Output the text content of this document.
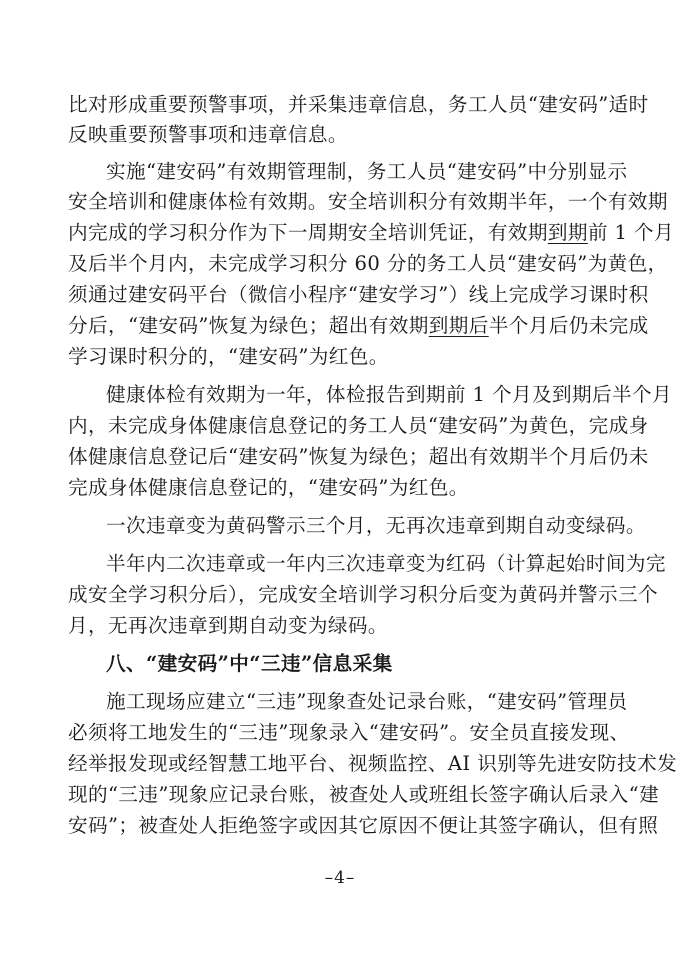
比对形成重要预警事项，并采集违章信息，务工人员“建安码”适时
反映重要预警事项和违章信息。
实施“建安码”有效期管理制，务工人员“建安码”中分别显示
安全培训和健康体检有效期。安全培训积分有效期半年，一个有效期
内完成的学习积分作为下一周期安全培训凭证，有效期到期前 1 个月
及后半个月内，未完成学习积分 60 分的务工人员“建安码”为黄色，
须通过建安码平台（微信小程序“建安学习”）线上完成学习课时积
分后，“建安码”恢复为绿色；超出有效期到期后半个月后仍未完成
学习课时积分的，“建安码”为红色。
健康体检有效期为一年，体检报告到期前 1 个月及到期后半个月
内，未完成身体健康信息登记的务工人员“建安码”为黄色，完成身
体健康信息登记后“建安码”恢复为绿色；超出有效期半个月后仍未
完成身体健康信息登记的，“建安码”为红色。
一次违章变为黄码警示三个月，无再次违章到期自动变绿码。
半年内二次违章或一年内三次违章变为红码（计算起始时间为完
成安全学习积分后），完成安全培训学习积分后变为黄码并警示三个
月，无再次违章到期自动变为绿码。
八、“建安码”中“三违”信息采集
施工现场应建立“三违”现象查处记录台账，“建安码”管理员
必须将工地发生的“三违”现象录入“建安码”。安全员直接发现、
经举报发现或经智慧工地平台、视频监控、AI 识别等先进安防技术发
现的“三违”现象应记录台账，被查处人或班组长签字确认后录入“建
安码”；被查处人拒绝签字或因其它原因不便让其签字确认，但有照
–4–
